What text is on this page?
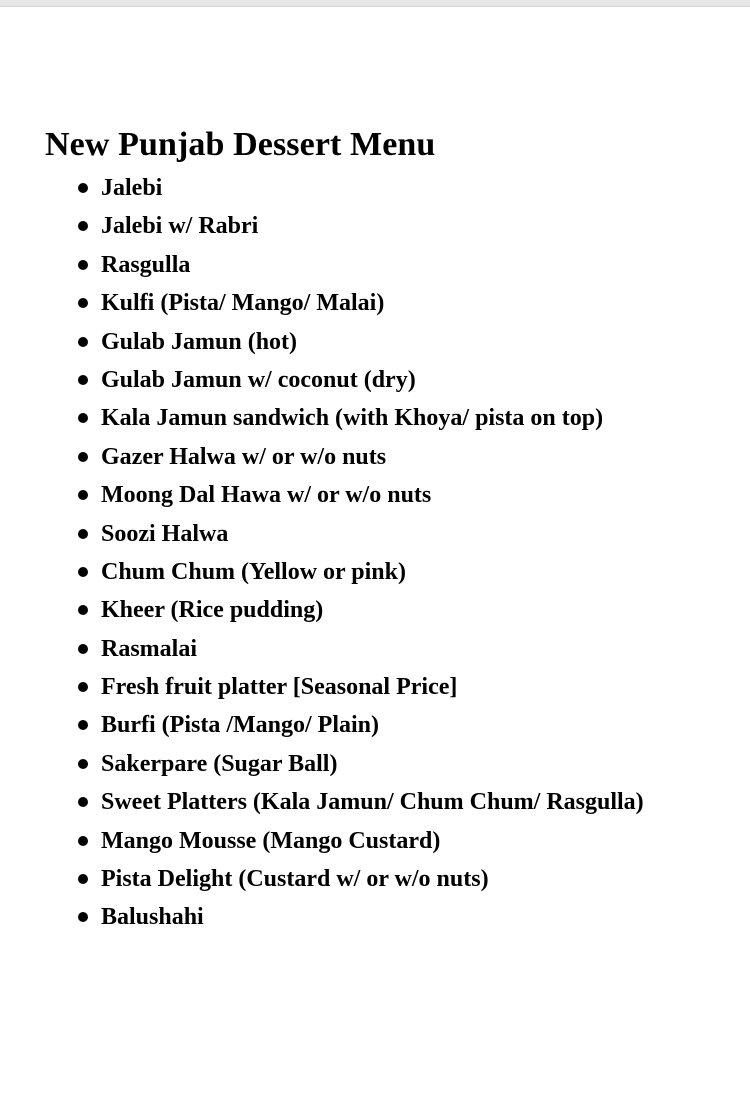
New Punjab Dessert Menu
Jalebi
Jalebi w/ Rabri
Rasgulla
Kulfi (Pista/ Mango/ Malai)
Gulab Jamun (hot)
Gulab Jamun w/ coconut (dry)
Kala Jamun sandwich (with Khoya/ pista on top)
Gazer Halwa w/ or w/o nuts
Moong Dal Hawa w/ or w/o nuts
Soozi Halwa
Chum Chum (Yellow or pink)
Kheer (Rice pudding)
Rasmalai
Fresh fruit platter [Seasonal Price]
Burfi (Pista /Mango/ Plain)
Sakerpare (Sugar Ball)
Sweet Platters (Kala Jamun/ Chum Chum/ Rasgulla)
Mango Mousse (Mango Custard)
Pista Delight (Custard w/ or w/o nuts)
Balushahi
